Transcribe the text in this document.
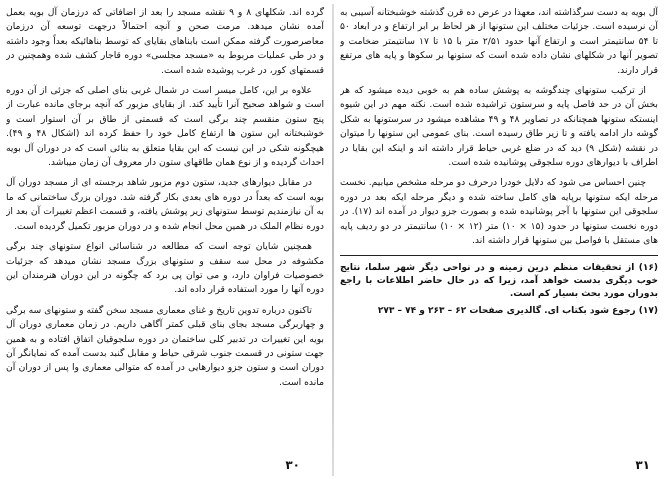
گرده اند. شکلهای ۸ و ۹ نقشه مسجد را بعد از اضافاتی که درزمان آل بویه بعمل آمده نشان میدهد. مرمت صحن و آنچه احتمالاً درجهت توسعه آن درزمان معاصرصورت گرفته ممکن است بابناهای بقایای که توسط بناهائیکه بعداً وجود داشته و در طی عملیات مربوط به «مسجد مجلسی» دوره قاجار کشف شده وهمچنین در قسمتهای کور، در غرب پوشیده شده است.

علاوه بر این، کامل میسر است در شمال غربی بنای اصلی که جزئی از آن دوره است و شواهد صحیح آنرا تأیید کند. از بقایای مزبور که آنچه برجای مانده عبارت از پنج ستون منقسم چند برگی است که قسمتی از طاق بر آن استوار است و خوشبختانه این ستون ها ارتفاع کامل خود را حفظ کرده اند (اشکال ۴۸ و ۴۹). هیچگونه شکی در این نیست که این بقایا متعلق به بنائی است که در دوران آل بویه احداث گردیده و از نوع همان طاقهای ستون دار معروف آن زمان میباشد.

در مقابل دیوارهای جدید، ستون دوم مزبور شاهد برجسته ای از مسجد دوران آل بویه است که بعداً در دوره های بعدی بکار گرفته شد. دوران بزرگ ساختمانی که ما به آن نیازمندیم توسط ستونهای زیر پوشش یافته، و قسمت اعظم تغییرات آن بعد از دوره نظام الملک در همین محل انجام شده و در دوران مزبور تکمیل گردیده است.

همچنین شایان توجه است که مطالعه در شناسائی انواع ستونهای چند برگی مکشوفه در محل سه سقف و ستونهای بزرگ مسجد نشان میدهد که جزئیات خصوصیات فراوان دارد، و می توان پی برد که چگونه در این دوران هنرمندان این دوره آنها را مورد استفاده قرار داده اند.

تاکنون درباره تدوین تاریخ و غنای معماری مسجد سخن گفته و ستونهای سه برگی و چهاربرگی مسجد بجای بنای قبلی کمتر آگاهی داریم. در زمان معماری دوران آل بویه این تغییرات در تدبیر کلی ساختمان در دوره سلجوقیان اتفاق افتاده و به همین جهت ستونی در قسمت جنوب شرقی حیاط و مقابل گنبد بدست آمده که نمایانگر آن دوران است و ستون جزو دیوارهایی در آمده که متوالی معماری وا پس از دوران آن مانده است.

۳۰

آل بویه به دست سرگذاشته اند، معهذا در عرض ده قرن گذشته خوشبختانه آسیبی به آن نرسیده است. جزئیات مختلف این ستونها از هر لحاظ بر ابر ارتفاع و در ابعاد ۵۰ تا ۵۴ سانتیمتر است و ارتفاع آنها حدود ۲/۵۱ متر با ۱۵ تا ۱۷ سانتیمتر ضخامت و تصویر آنها در شکلهای نشان داده شده است که ستونها بر سکوها و پایه های مرتفع قرار دارند.

از ترکیب ستونهای چندگوشه به پوشش ساده هم به خوبی دیده میشود که هر بخش آن در حد فاصل پایه و سرستون تراشیده شده است. نکته مهم در این شیوه اینستکه ستونها همچنانکه در تصاویر ۴۸ و ۴۹ مشاهده میشود در سرستونها به شکل گوشه دار ادامه یافته و تا زیر طاق رسیده است. بنای عمومی این ستونها را میتوان در نقشه (شکل ۹) دید که در ضلع غربی حیاط قرار داشته اند و اینکه این بقایا در اطراف با دیوارهای دوره سلجوقی پوشانیده شده است.

چنین احساس می شود که دلایل خودرا درحرف دو مرحله مشخص میابیم. نخست مرحله ایکه ستونها برپایه های کامل ساخته شده و دیگر مرحله ایکه بعد در دوره سلجوقی این ستونها با آجر پوشانیده شده و بصورت جزو دیوار در آمده اند (۱۷). در دوره نخست ستونها در حدود (۱۵ × ۱۰) متر (۱۲ × ۱۰) سانتیمتر در دو ردیف پایه های مستقل با فواصل بین ستونها قرار داشته اند.

(۱۶) از تحقیقات منظم درین زمینه و در نواحی دیگر شهر سلما، نتایج خوب دیگری بدست خواهد آمد، زیرا که در حال حاضر اطلاعات با راجع بدوران مورد بحث بسیار کم است.

(۱۷) رجوع شود بکتاب ای. گالدیری صفحات ۶۲ – ۲۶۳ و ۷۴ – ۲۷۳

۳۱
